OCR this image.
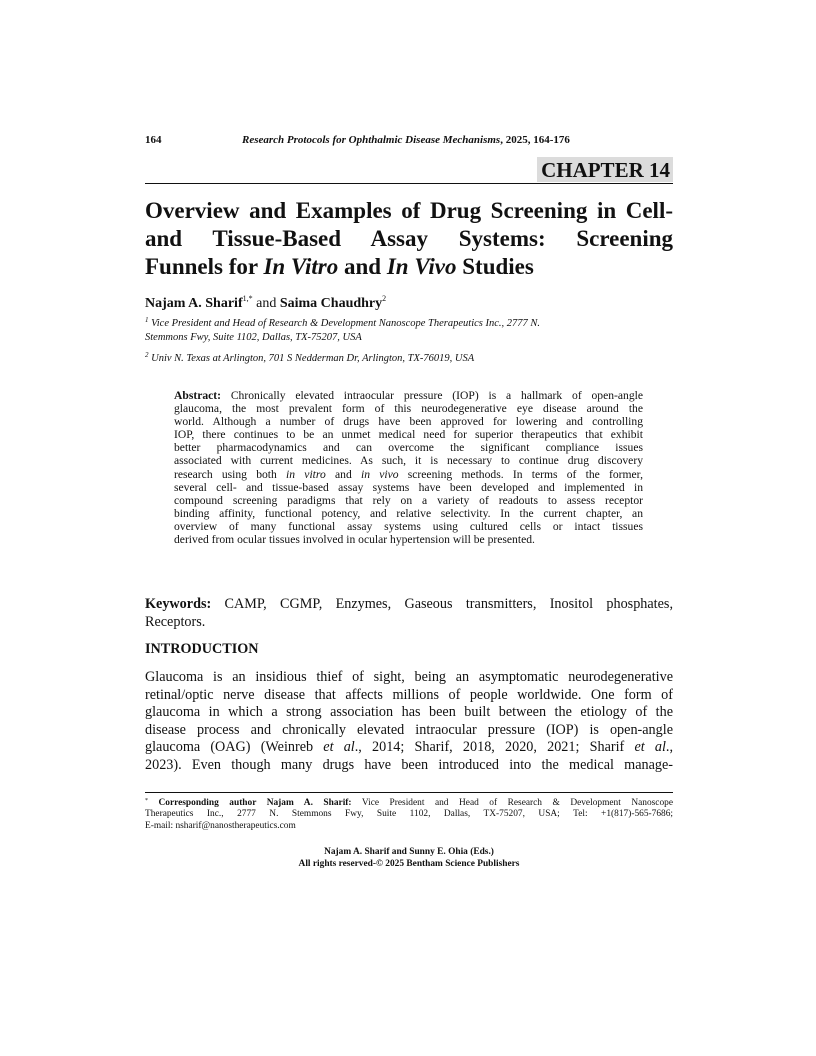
164	Research Protocols for Ophthalmic Disease Mechanisms, 2025, 164-176
CHAPTER 14
Overview and Examples of Drug Screening in Cell-
and Tissue-Based Assay Systems: Screening
Funnels for In Vitro and In Vivo Studies
Najam A. Sharif$^{1,*}$ and Saima Chaudhry$^2$
$^1$ Vice President and Head of Research & Development Nanoscope Therapeutics Inc., 2777 N.
Stemmons Fwy, Suite 1102, Dallas, TX-75207, USA
$^2$ Univ N. Texas at Arlington, 701 S Nedderman Dr, Arlington, TX-76019, USA
Abstract: Chronically elevated intraocular pressure (IOP) is a hallmark of open-angle
glaucoma, the most prevalent form of this neurodegenerative eye disease around the
world. Although a number of drugs have been approved for lowering and controlling
IOP, there continues to be an unmet medical need for superior therapeutics that exhibit
better pharmacodynamics and can overcome the significant compliance issues
associated with current medicines. As such, it is necessary to continue drug discovery
research using both in vitro and in vivo screening methods. In terms of the former,
several cell- and tissue-based assay systems have been developed and implemented in
compound screening paradigms that rely on a variety of readouts to assess receptor
binding affinity, functional potency, and relative selectivity. In the current chapter, an
overview of many functional assay systems using cultured cells or intact tissues
derived from ocular tissues involved in ocular hypertension will be presented.
Keywords: CAMP, CGMP, Enzymes, Gaseous transmitters, Inositol phosphates,
Receptors.
INTRODUCTION
Glaucoma is an insidious thief of sight, being an asymptomatic neurodegenerative
retinal/optic nerve disease that affects millions of people worldwide. One form of
glaucoma in which a strong association has been built between the etiology of the
disease process and chronically elevated intraocular pressure (IOP) is open-angle
glaucoma (OAG) (Weinreb et al., 2014; Sharif, 2018, 2020, 2021; Sharif et al.,
2023). Even though many drugs have been introduced into the medical manage-
* Corresponding author Najam A. Sharif: Vice President and Head of Research & Development Nanoscope
Therapeutics Inc., 2777 N. Stemmons Fwy, Suite 1102, Dallas, TX-75207, USA; Tel: +1(817)-565-7686;
E-mail: nsharif@nanostherapeutics.com
Najam A. Sharif and Sunny E. Ohia (Eds.)
All rights reserved-© 2025 Bentham Science Publishers
